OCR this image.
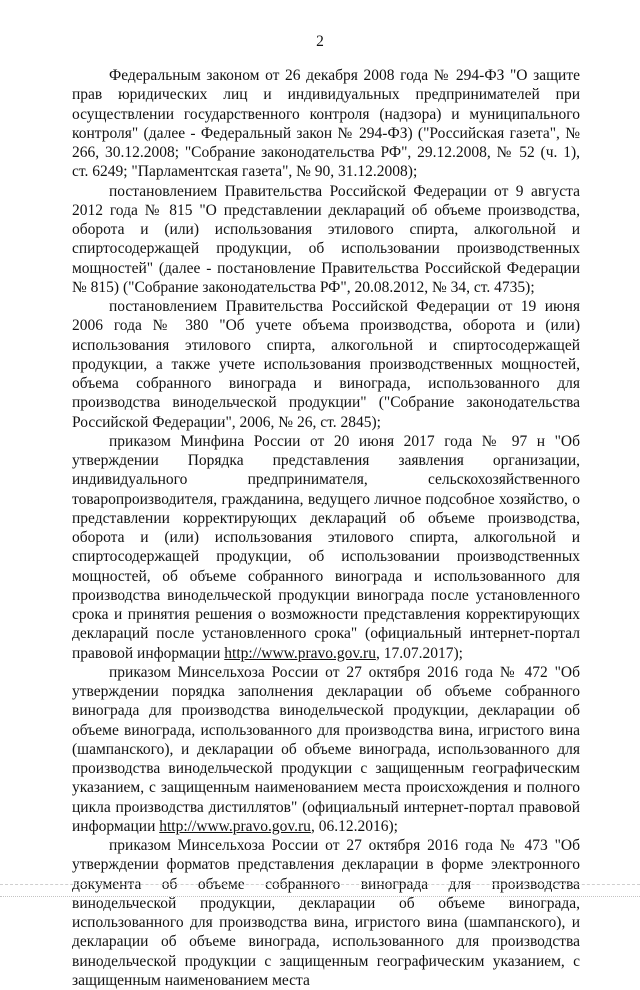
2

Федеральным законом от 26 декабря 2008 года № 294-ФЗ "О защите прав юридических лиц и индивидуальных предпринимателей при осуществлении государственного контроля (надзора) и муниципального контроля" (далее - Федеральный закон № 294-ФЗ) ("Российская газета", № 266, 30.12.2008; "Собрание законодательства РФ", 29.12.2008, № 52 (ч. 1), ст. 6249; "Парламентская газета", № 90, 31.12.2008);

постановлением Правительства Российской Федерации от 9 августа 2012 года № 815 "О представлении деклараций об объеме производства, оборота и (или) использования этилового спирта, алкогольной и спиртосодержащей продукции, об использовании производственных мощностей" (далее - постановление Правительства Российской Федерации № 815) ("Собрание законодательства РФ", 20.08.2012, № 34, ст. 4735);

постановлением Правительства Российской Федерации от 19 июня 2006 года № 380 "Об учете объема производства, оборота и (или) использования этилового спирта, алкогольной и спиртосодержащей продукции, а также учете использования производственных мощностей, объема собранного винограда и винограда, использованного для производства винодельческой продукции" ("Собрание законодательства Российской Федерации", 2006, № 26, ст. 2845);

приказом Минфина России от 20 июня 2017 года № 97 н "Об утверждении Порядка представления заявления организации, индивидуального предпринимателя, сельскохозяйственного товаропроизводителя, гражданина, ведущего личное подсобное хозяйство, о представлении корректирующих деклараций об объеме производства, оборота и (или) использования этилового спирта, алкогольной и спиртосодержащей продукции, об использовании производственных мощностей, об объеме собранного винограда и использованного для производства винодельческой продукции винограда после установленного срока и принятия решения о возможности представления корректирующих деклараций после установленного срока" (официальный интернет-портал правовой информации http://www.pravo.gov.ru, 17.07.2017);

приказом Минсельхоза России от 27 октября 2016 года № 472 "Об утверждении порядка заполнения декларации об объеме собранного винограда для производства винодельческой продукции, декларации об объеме винограда, использованного для производства вина, игристого вина (шампанского), и декларации об объеме винограда, использованного для производства винодельческой продукции с защищенным географическим указанием, с защищенным наименованием места происхождения и полного цикла производства дистиллятов" (официальный интернет-портал правовой информации http://www.pravo.gov.ru, 06.12.2016);

приказом Минсельхоза России от 27 октября 2016 года № 473 "Об утверждении форматов представления декларации в форме электронного документа об объеме собранного винограда для производства винодельческой продукции, декларации об объеме винограда, использованного для производства вина, игристого вина (шампанского), и декларации об объеме винограда, использованного для производства винодельческой продукции с защищенным географическим указанием, с защищенным наименованием места
